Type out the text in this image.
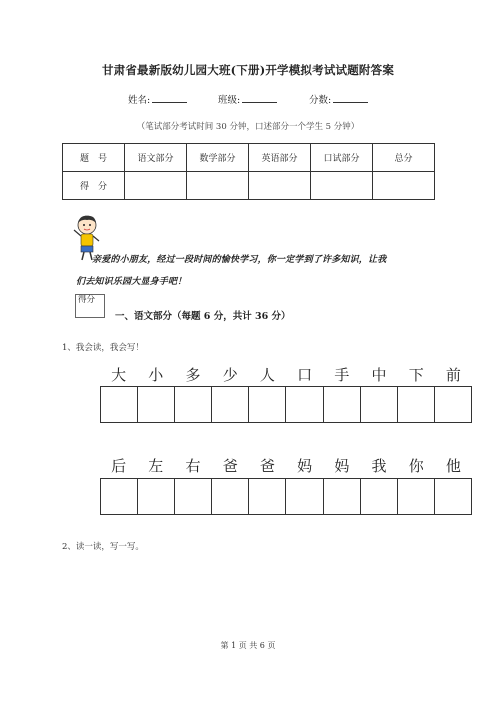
甘肃省最新版幼儿园大班(下册)开学模拟考试试题附答案
姓名:	班级:	分数:
（笔试部分考试时间 30 分钟，口述部分一个学生 5 分钟）
题　号	语文部分	数学部分	英语部分	口试部分	总分
得　分					
亲爱的小朋友，经过一段时间的愉快学习，你一定学到了许多知识，让我
们去知识乐园大显身手吧！
得分
一、语文部分（每题 6 分，共计 36 分）
1、我会读，我会写！
大	小	多	少	人	口	手	中	下	前
后	左	右	爸	爸	妈	妈	我	你	他
2、读一读，写一写。
第 1 页 共 6 页
